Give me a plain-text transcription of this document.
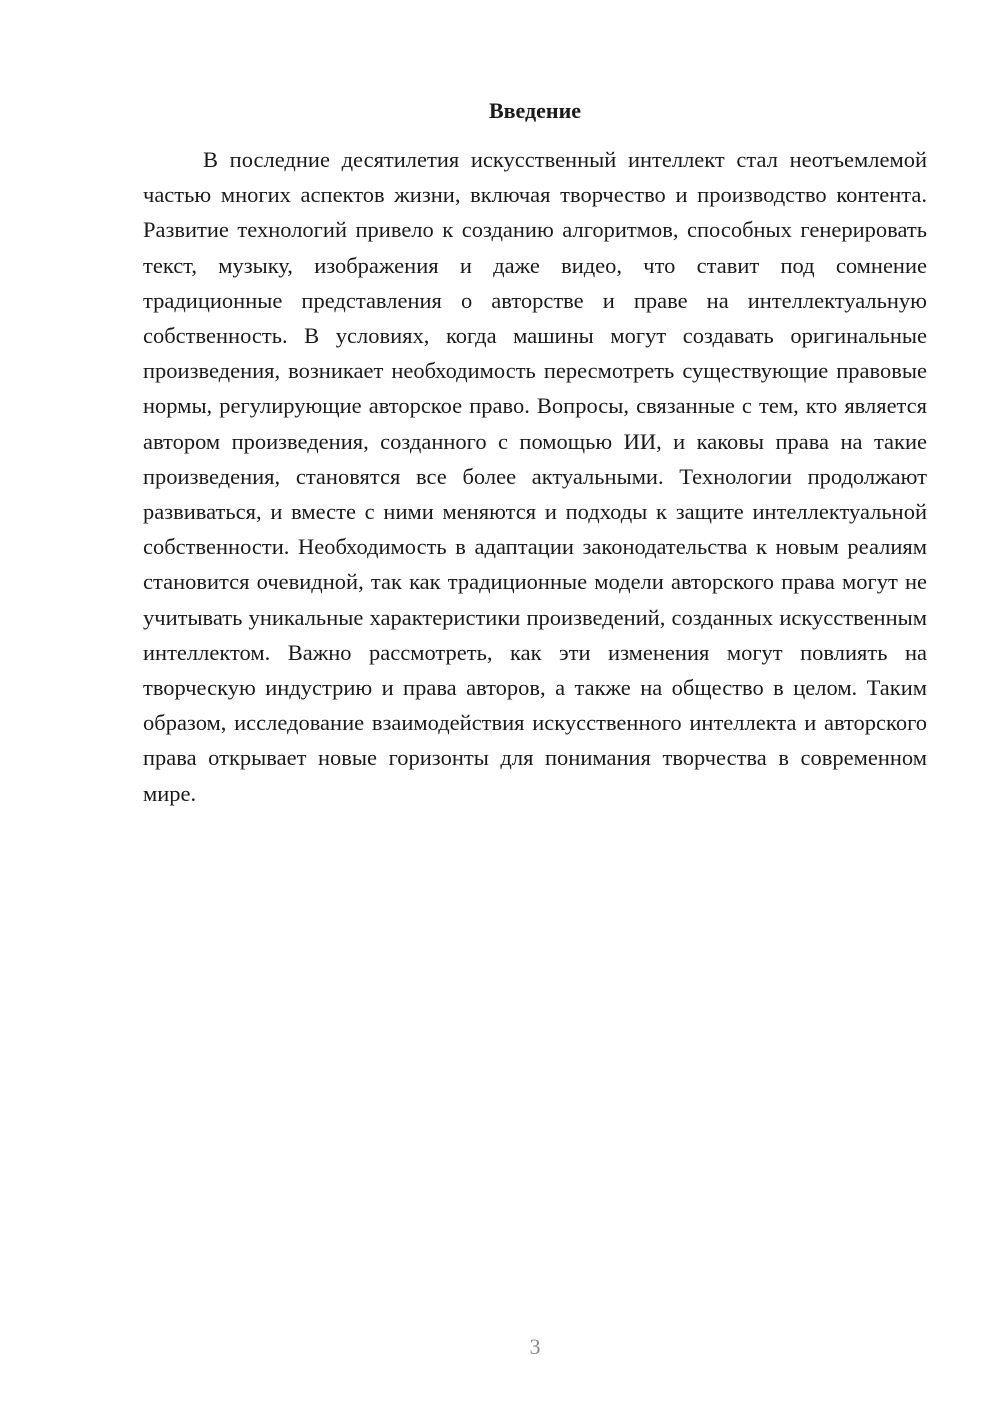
Введение

В последние десятилетия искусственный интеллект стал неотъемлемой частью многих аспектов жизни, включая творчество и производство контента. Развитие технологий привело к созданию алгоритмов, способных генерировать текст, музыку, изображения и даже видео, что ставит под сомнение традиционные представления о авторстве и праве на интеллектуальную собственность. В условиях, когда машины могут создавать оригинальные произведения, возникает необходимость пересмотреть существующие правовые нормы, регулирующие авторское право. Вопросы, связанные с тем, кто является автором произведения, созданного с помощью ИИ, и каковы права на такие произведения, становятся все более актуальными. Технологии продолжают развиваться, и вместе с ними меняются и подходы к защите интеллектуальной собственности. Необходимость в адаптации законодательства к новым реалиям становится очевидной, так как традиционные модели авторского права могут не учитывать уникальные характеристики произведений, созданных искусственным интеллектом. Важно рассмотреть, как эти изменения могут повлиять на творческую индустрию и права авторов, а также на общество в целом. Таким образом, исследование взаимодействия искусственного интеллекта и авторского права открывает новые горизонты для понимания творчества в современном мире.

3
